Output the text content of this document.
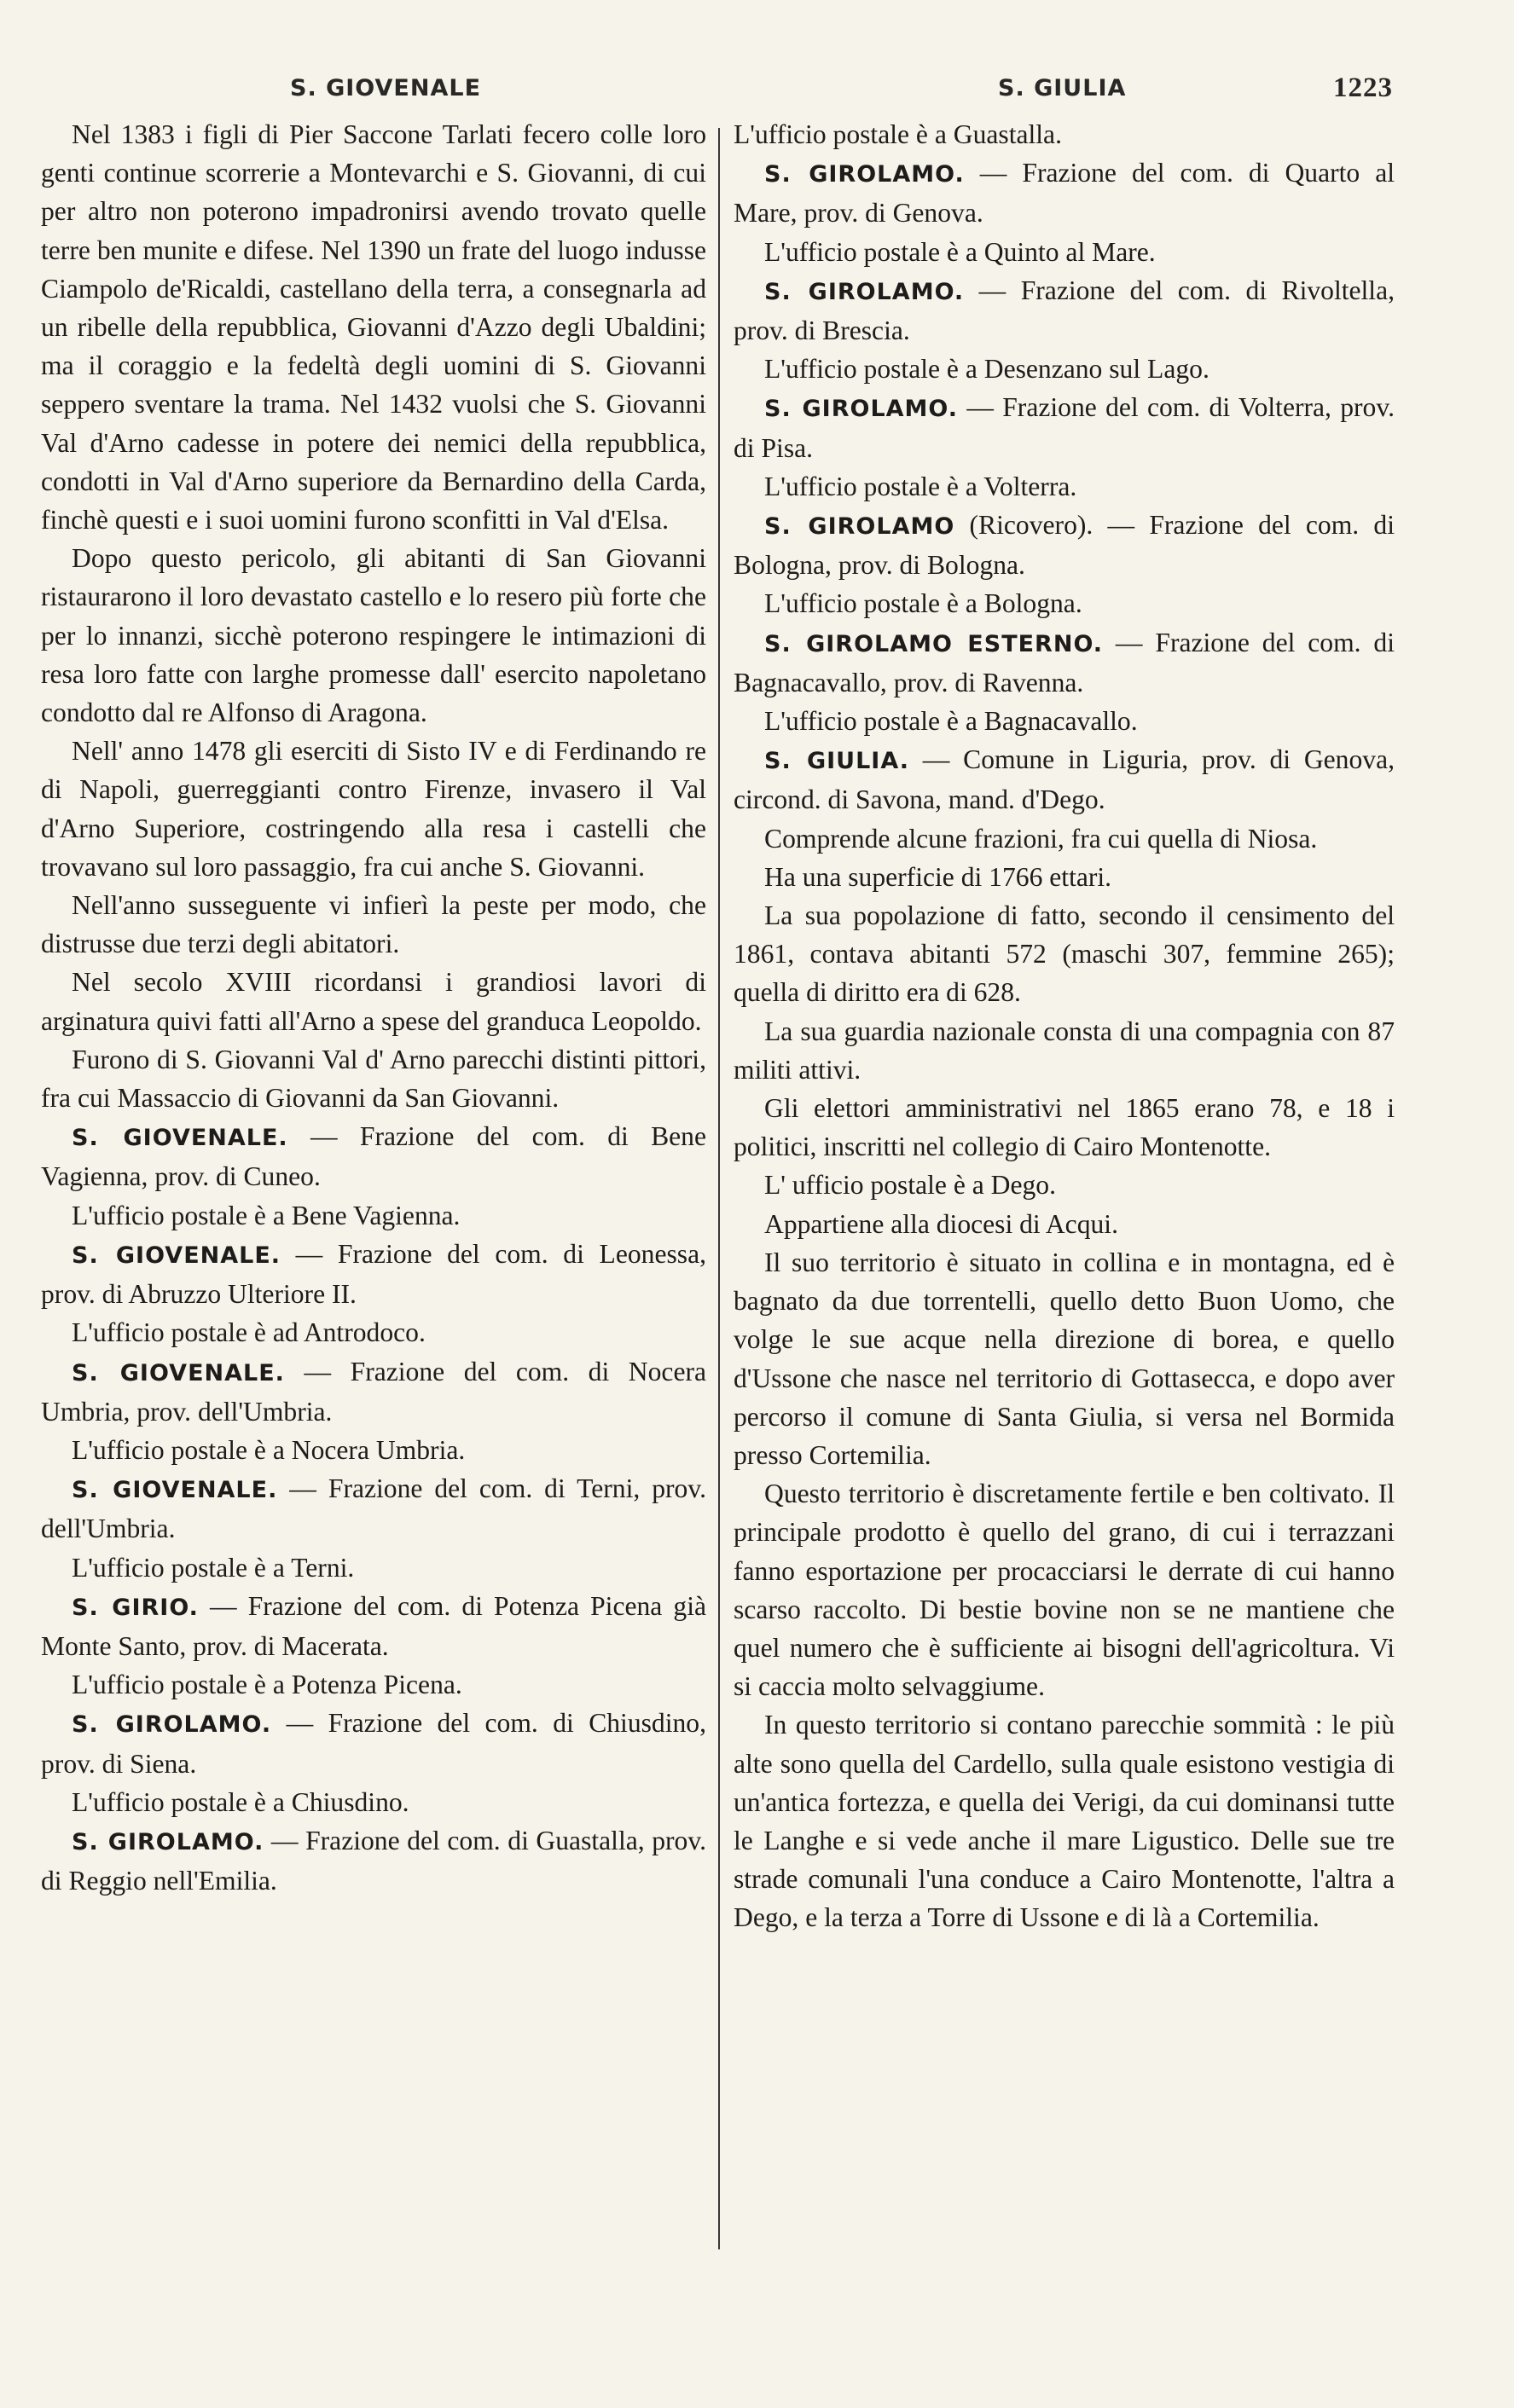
S. GIOVENALE	S. GIULIA	1223

Nel 1383 i figli di Pier Saccone Tarlati fecero colle loro genti continue scorrerie a Montevarchi e S. Giovanni, di cui per altro non poterono impadronirsi avendo trovato quelle terre ben munite e difese. Nel 1390 un frate del luogo indusse Ciampolo de'Ricaldi, castellano della terra, a consegnarla ad un ribelle della repubblica, Giovanni d'Azzo degli Ubaldini; ma il coraggio e la fedeltà degli uomini di S. Giovanni seppero sventare la trama. Nel 1432 vuolsi che S. Giovanni Val d'Arno cadesse in potere dei nemici della repubblica, condotti in Val d'Arno superiore da Bernardino della Carda, finchè questi e i suoi uomini furono sconfitti in Val d'Elsa.

Dopo questo pericolo, gli abitanti di San Giovanni ristaurarono il loro devastato castello e lo resero più forte che per lo innanzi, sicchè poterono respingere le intimazioni di resa loro fatte con larghe promesse dall' esercito napoletano condotto dal re Alfonso di Aragona.

Nell' anno 1478 gli eserciti di Sisto IV e di Ferdinando re di Napoli, guerreggianti contro Firenze, invasero il Val d'Arno Superiore, costringendo alla resa i castelli che trovavano sul loro passaggio, fra cui anche S. Giovanni.

Nell'anno susseguente vi infierì la peste per modo, che distrusse due terzi degli abitatori.

Nel secolo XVIII ricordansi i grandiosi lavori di arginatura quivi fatti all'Arno a spese del granduca Leopoldo.

Furono di S. Giovanni Val d' Arno parecchi distinti pittori, fra cui Massaccio di Giovanni da San Giovanni.

S. GIOVENALE. — Frazione del com. di Bene Vagienna, prov. di Cuneo.

L'ufficio postale è a Bene Vagienna.

S. GIOVENALE. — Frazione del com. di Leonessa, prov. di Abruzzo Ulteriore II.

L'ufficio postale è ad Antrodoco.

S. GIOVENALE. — Frazione del com. di Nocera Umbria, prov. dell'Umbria.

L'ufficio postale è a Nocera Umbria.

S. GIOVENALE. — Frazione del com. di Terni, prov. dell'Umbria.

L'ufficio postale è a Terni.

S. GIRIO. — Frazione del com. di Potenza Picena già Monte Santo, prov. di Macerata.

L'ufficio postale è a Potenza Picena.

S. GIROLAMO. — Frazione del com. di Chiusdino, prov. di Siena.

L'ufficio postale è a Chiusdino.

S. GIROLAMO. — Frazione del com. di Guastalla, prov. di Reggio nell'Emilia.

L'ufficio postale è a Guastalla.

S. GIROLAMO. — Frazione del com. di Quarto al Mare, prov. di Genova.

L'ufficio postale è a Quinto al Mare.

S. GIROLAMO. — Frazione del com. di Rivoltella, prov. di Brescia.

L'ufficio postale è a Desenzano sul Lago.

S. GIROLAMO. — Frazione del com. di Volterra, prov. di Pisa.

L'ufficio postale è a Volterra.

S. GIROLAMO (Ricovero). — Frazione del com. di Bologna, prov. di Bologna.

L'ufficio postale è a Bologna.

S. GIROLAMO ESTERNO. — Frazione del com. di Bagnacavallo, prov. di Ravenna.

L'ufficio postale è a Bagnacavallo.

S. GIULIA. — Comune in Liguria, prov. di Genova, circond. di Savona, mand. d'Dego.

Comprende alcune frazioni, fra cui quella di Niosa.

Ha una superficie di 1766 ettari.

La sua popolazione di fatto, secondo il censimento del 1861, contava abitanti 572 (maschi 307, femmine 265); quella di diritto era di 628.

La sua guardia nazionale consta di una compagnia con 87 militi attivi.

Gli elettori amministrativi nel 1865 erano 78, e 18 i politici, inscritti nel collegio di Cairo Montenotte.

L' ufficio postale è a Dego.

Appartiene alla diocesi di Acqui.

Il suo territorio è situato in collina e in montagna, ed è bagnato da due torrentelli, quello detto Buon Uomo, che volge le sue acque nella direzione di borea, e quello d'Ussone che nasce nel territorio di Gottasecca, e dopo aver percorso il comune di Santa Giulia, si versa nel Bormida presso Cortemilia.

Questo territorio è discretamente fertile e ben coltivato. Il principale prodotto è quello del grano, di cui i terrazzani fanno esportazione per procacciarsi le derrate di cui hanno scarso raccolto. Di bestie bovine non se ne mantiene che quel numero che è sufficiente ai bisogni dell'agricoltura. Vi si caccia molto selvaggiume.

In questo territorio si contano parecchie sommità : le più alte sono quella del Cardello, sulla quale esistono vestigia di un'antica fortezza, e quella dei Verigi, da cui dominansi tutte le Langhe e si vede anche il mare Ligustico. Delle sue tre strade comunali l'una conduce a Cairo Montenotte, l'altra a Dego, e la terza a Torre di Ussone e di là a Cortemilia.
